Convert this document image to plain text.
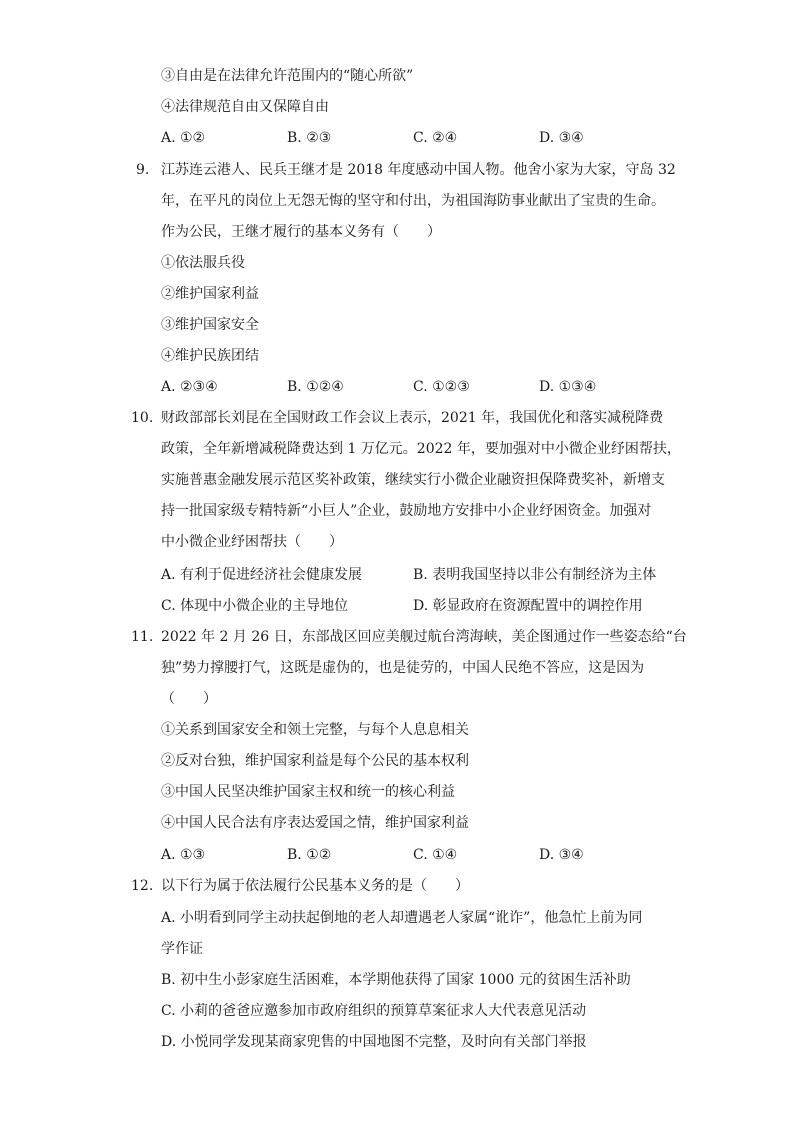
③自由是在法律允许范围内的“随心所欲”
④法律规范自由又保障自由
A. ①②	B. ②③	C. ②④	D. ③④
9. 江苏连云港人、民兵王继才是 2018 年度感动中国人物。他舍小家为大家，守岛 32
年，在平凡的岗位上无怨无悔的坚守和付出，为祖国海防事业献出了宝贵的生命。
作为公民，王继才履行的基本义务有（　　）
①依法服兵役
②维护国家利益
③维护国家安全
④维护民族团结
A. ②③④	B. ①②④	C. ①②③	D. ①③④
10. 财政部部长刘昆在全国财政工作会议上表示，2021 年，我国优化和落实减税降费
政策，全年新增减税降费达到 1 万亿元。2022 年，要加强对中小微企业纾困帮扶，
实施普惠金融发展示范区奖补政策，继续实行小微企业融资担保降费奖补，新增支
持一批国家级专精特新“小巨人”企业，鼓励地方安排中小企业纾困资金。加强对
中小微企业纾困帮扶（　　）
A. 有利于促进经济社会健康发展	B. 表明我国坚持以非公有制经济为主体
C. 体现中小微企业的主导地位	D. 彰显政府在资源配置中的调控作用
11. 2022 年 2 月 26 日，东部战区回应美舰过航台湾海峡，美企图通过作一些姿态给“台
独”势力撑腰打气，这既是虚伪的，也是徒劳的，中国人民绝不答应，这是因为
（　　）
①关系到国家安全和领土完整，与每个人息息相关
②反对台独，维护国家利益是每个公民的基本权利
③中国人民坚决维护国家主权和统一的核心利益
④中国人民合法有序表达爱国之情，维护国家利益
A. ①③	B. ①②	C. ①④	D. ③④
12. 以下行为属于依法履行公民基本义务的是（　　）
A. 小明看到同学主动扶起倒地的老人却遭遇老人家属“讹诈”，他急忙上前为同
学作证
B. 初中生小彭家庭生活困难，本学期他获得了国家 1000 元的贫困生活补助
C. 小莉的爸爸应邀参加市政府组织的预算草案征求人大代表意见活动
D. 小悦同学发现某商家兜售的中国地图不完整，及时向有关部门举报
